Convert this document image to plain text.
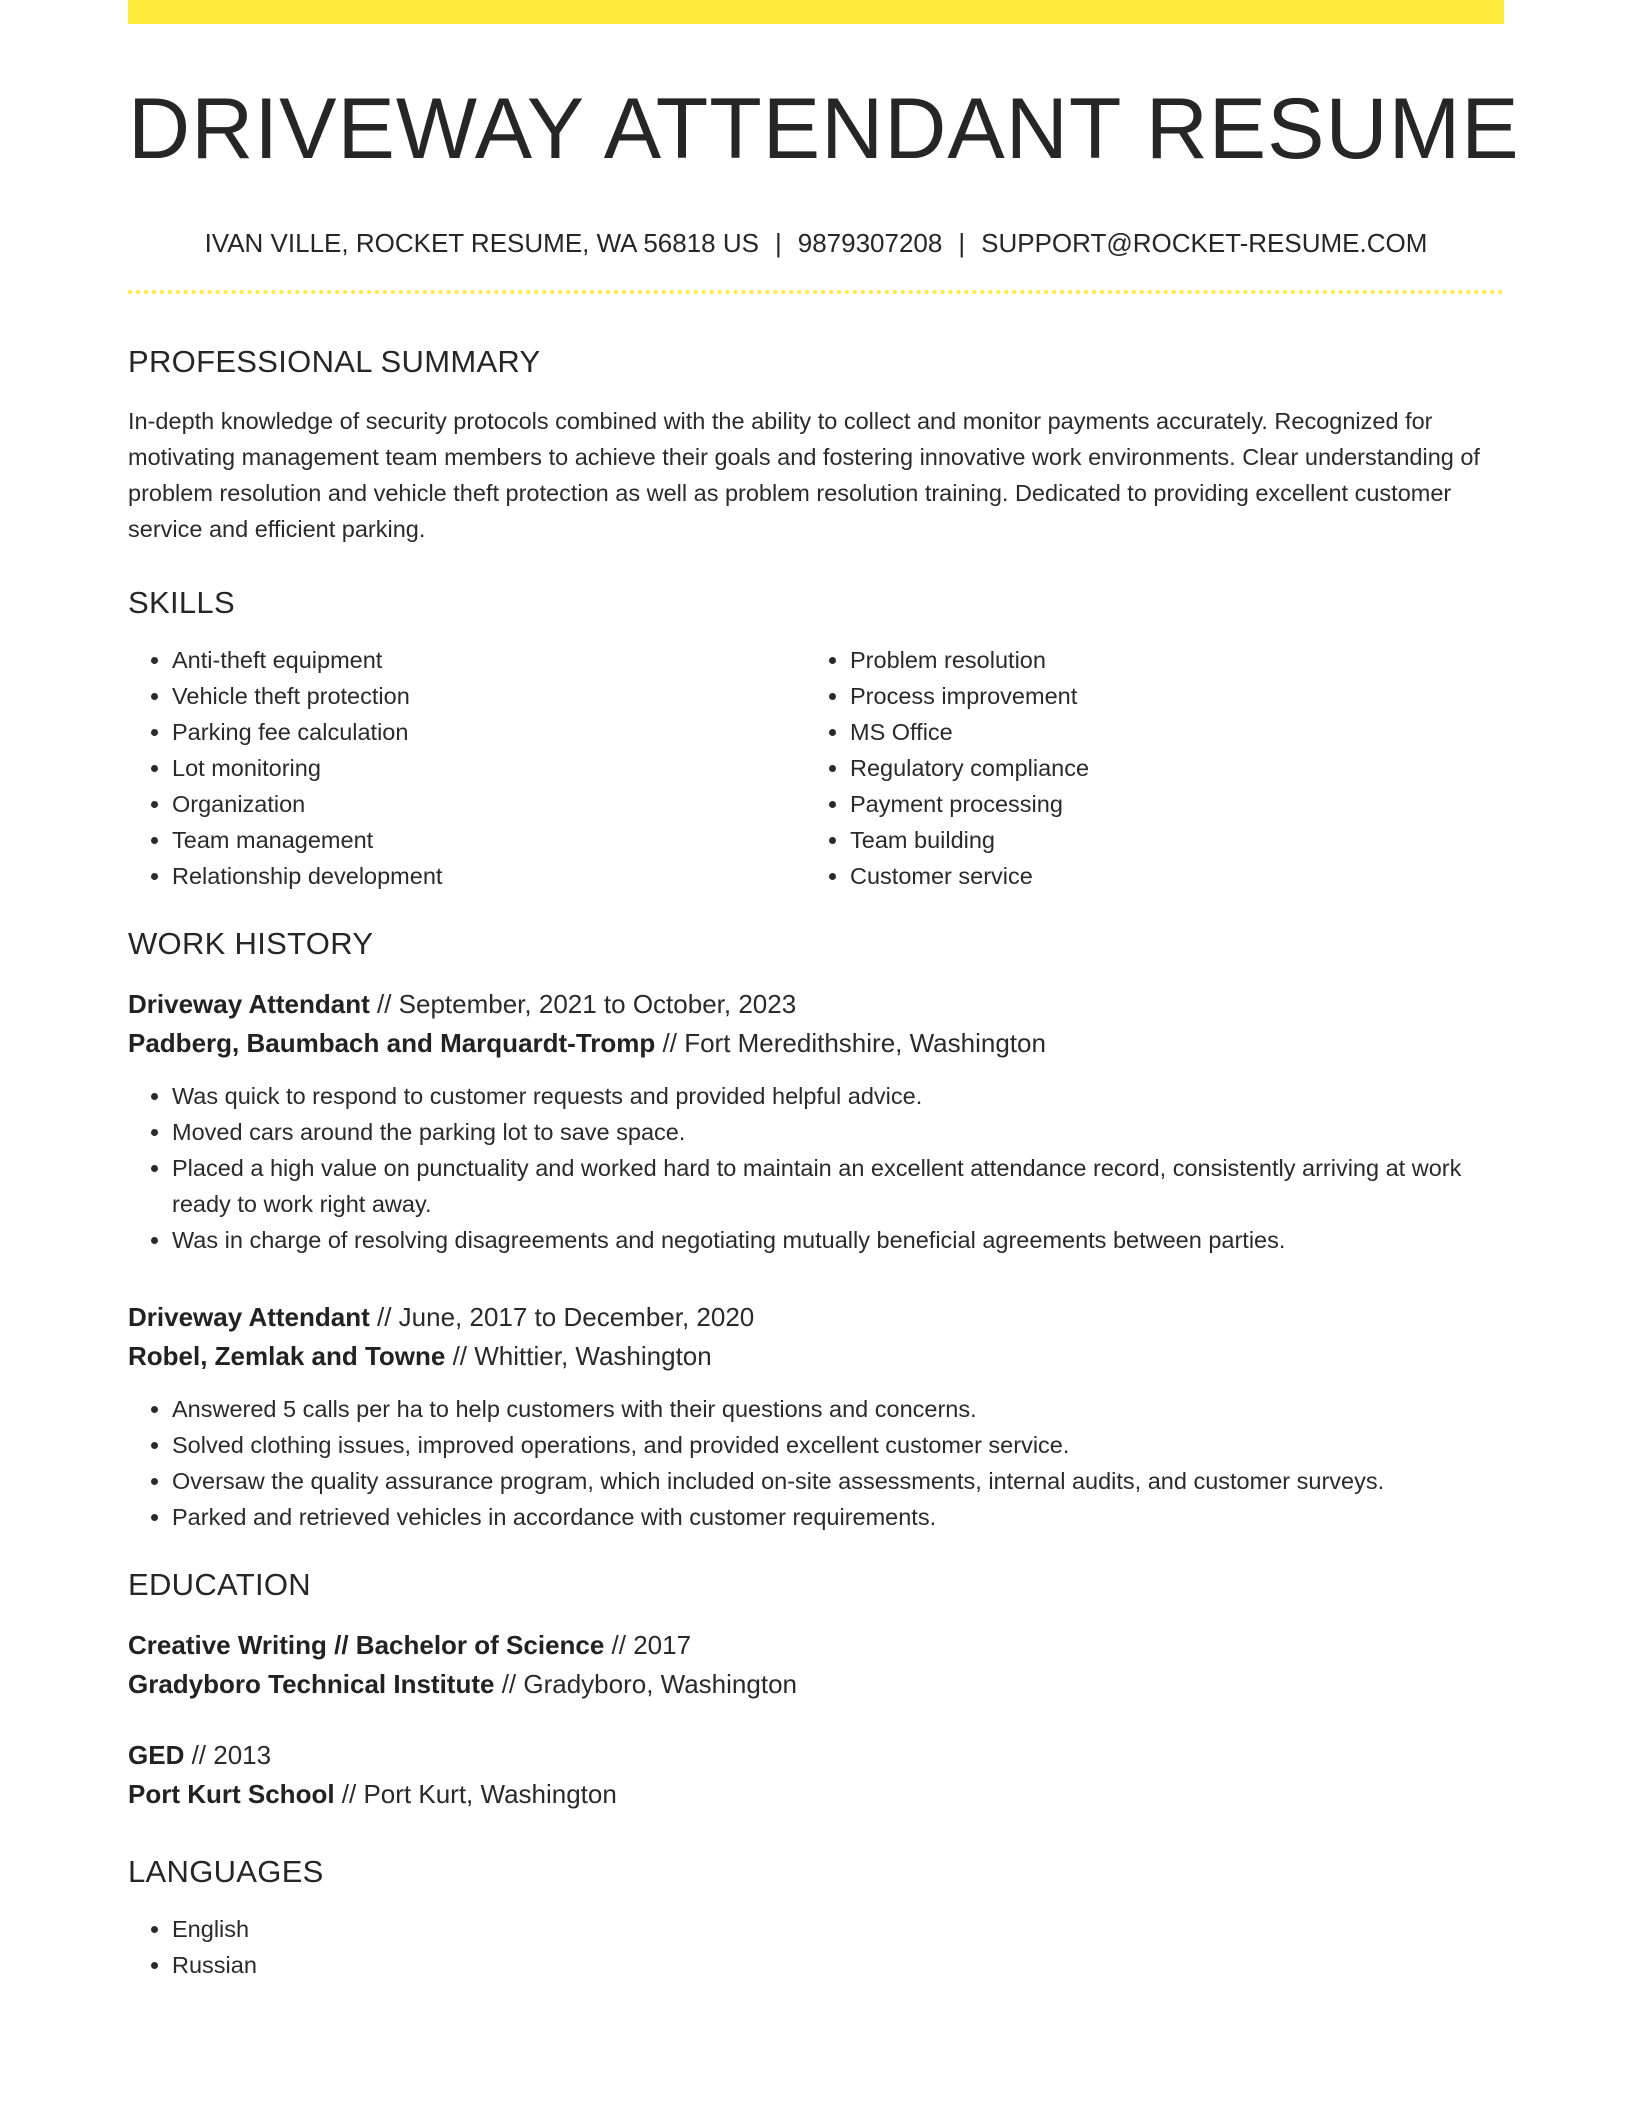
DRIVEWAY ATTENDANT RESUME
IVAN VILLE, ROCKET RESUME, WA 56818 US | 9879307208 | SUPPORT@ROCKET-RESUME.COM
PROFESSIONAL SUMMARY
In-depth knowledge of security protocols combined with the ability to collect and monitor payments accurately. Recognized for motivating management team members to achieve their goals and fostering innovative work environments. Clear understanding of problem resolution and vehicle theft protection as well as problem resolution training. Dedicated to providing excellent customer service and efficient parking.
SKILLS
• Anti-theft equipment
• Vehicle theft protection
• Parking fee calculation
• Lot monitoring
• Organization
• Team management
• Relationship development
• Problem resolution
• Process improvement
• MS Office
• Regulatory compliance
• Payment processing
• Team building
• Customer service
WORK HISTORY
Driveway Attendant // September, 2021 to October, 2023
Padberg, Baumbach and Marquardt-Tromp // Fort Meredithshire, Washington
• Was quick to respond to customer requests and provided helpful advice.
• Moved cars around the parking lot to save space.
• Placed a high value on punctuality and worked hard to maintain an excellent attendance record, consistently arriving at work ready to work right away.
• Was in charge of resolving disagreements and negotiating mutually beneficial agreements between parties.
Driveway Attendant // June, 2017 to December, 2020
Robel, Zemlak and Towne // Whittier, Washington
• Answered 5 calls per ha to help customers with their questions and concerns.
• Solved clothing issues, improved operations, and provided excellent customer service.
• Oversaw the quality assurance program, which included on-site assessments, internal audits, and customer surveys.
• Parked and retrieved vehicles in accordance with customer requirements.
EDUCATION
Creative Writing // Bachelor of Science // 2017
Gradyboro Technical Institute // Gradyboro, Washington
GED // 2013
Port Kurt School // Port Kurt, Washington
LANGUAGES
• English
• Russian
